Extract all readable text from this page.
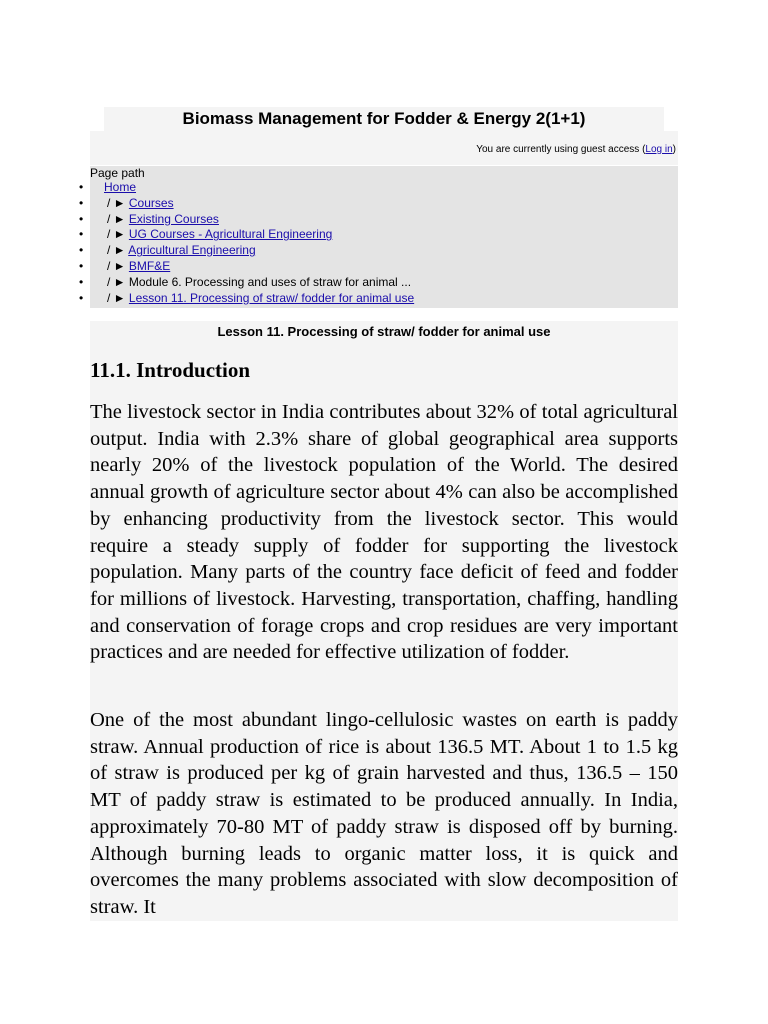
Biomass Management for Fodder & Energy 2(1+1)
You are currently using guest access (Log in)
Page path
• Home
• / ► Courses
• / ► Existing Courses
• / ► UG Courses - Agricultural Engineering
• / ► Agricultural Engineering
• / ► BMF&E
• / ► Module 6. Processing and uses of straw for animal ...
• / ► Lesson 11. Processing of straw/ fodder for animal use
Lesson 11. Processing of straw/ fodder for animal use
11.1. Introduction

The livestock sector in India contributes about 32% of total agricultural output. India with 2.3% share of global geographical area supports nearly 20% of the livestock population of the World. The desired annual growth of agriculture sector about 4% can also be accomplished by enhancing productivity from the livestock sector. This would require a steady supply of fodder for supporting the livestock population. Many parts of the country face deficit of feed and fodder for millions of livestock. Harvesting, transportation, chaffing, handling and conservation of forage crops and crop residues are very important practices and are needed for effective utilization of fodder.

One of the most abundant lingo-cellulosic wastes on earth is paddy straw. Annual production of rice is about 136.5 MT. About 1 to 1.5 kg of straw is produced per kg of grain harvested and thus, 136.5 – 150 MT of paddy straw is estimated to be produced annually. In India, approximately 70-80 MT of paddy straw is disposed off by burning. Although burning leads to organic matter loss, it is quick and overcomes the many problems associated with slow decomposition of straw. It
